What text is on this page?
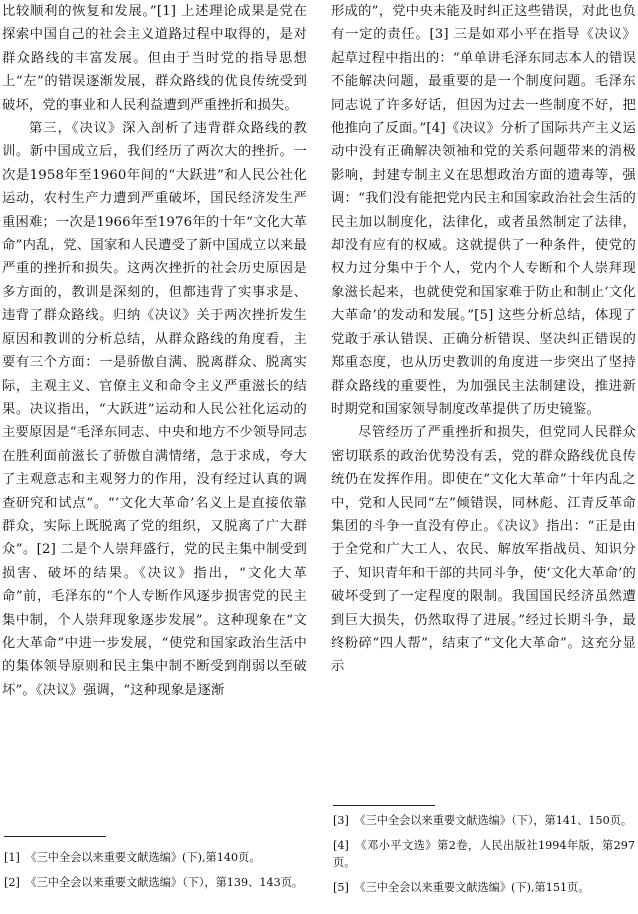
比较顺利的恢复和发展。”[1] 上述理论成果是党在探索中国自己的社会主义道路过程中取得的，是对群众路线的丰富发展。但由于当时党的指导思想上“左”的错误逐渐发展，群众路线的优良传统受到破坏，党的事业和人民利益遭到严重挫折和损失。

第三，《决议》深入剖析了违背群众路线的教训。新中国成立后，我们经历了两次大的挫折。一次是1958年至1960年间的“大跃进”和人民公社化运动，农村生产力遭到严重破坏，国民经济发生严重困难；一次是1966年至1976年的十年“文化大革命”内乱，党、国家和人民遭受了新中国成立以来最严重的挫折和损失。这两次挫折的社会历史原因是多方面的，教训是深刻的，但都违背了实事求是、违背了群众路线。归纳《决议》关于两次挫折发生原因和教训的分析总结，从群众路线的角度看，主要有三个方面：一是骄傲自满、脱离群众、脱离实际，主观主义、官僚主义和命令主义严重滋长的结果。决议指出，“大跃进”运动和人民公社化运动的主要原因是“毛泽东同志、中央和地方不少领导同志在胜利面前滋长了骄傲自满情绪，急于求成，夸大了主观意志和主观努力的作用，没有经过认真的调查研究和试点”。“‘文化大革命’名义上是直接依靠群众，实际上既脱离了党的组织，又脱离了广大群众”。[2] 二是个人崇拜盛行，党的民主集中制受到损害、破坏的结果。《决议》指出，“文化大革命”前，毛泽东的“个人专断作风逐步损害党的民主集中制，个人崇拜现象逐步发展”。这种现象在“文化大革命”中进一步发展，“使党和国家政治生活中的集体领导原则和民主集中制不断受到削弱以至破坏”。《决议》强调，“这种现象是逐渐

形成的”，党中央未能及时纠正这些错误，对此也负有一定的责任。[3] 三是如邓小平在指导《决议》起草过程中指出的：“单单讲毛泽东同志本人的错误不能解决问题，最重要的是一个制度问题。毛泽东同志说了许多好话，但因为过去一些制度不好，把他推向了反面。”[4]《决议》分析了国际共产主义运动中没有正确解决领袖和党的关系问题带来的消极影响，封建专制主义在思想政治方面的遗毒等，强调：“我们没有能把党内民主和国家政治社会生活的民主加以制度化，法律化，或者虽然制定了法律，却没有应有的权威。这就提供了一种条件，使党的权力过分集中于个人，党内个人专断和个人崇拜现象滋长起来，也就使党和国家难于防止和制止‘文化大革命’的发动和发展。”[5] 这些分析总结，体现了党敢于承认错误、正确分析错误、坚决纠正错误的郑重态度，也从历史教训的角度进一步突出了坚持群众路线的重要性，为加强民主法制建设，推进新时期党和国家领导制度改革提供了历史镜鉴。

尽管经历了严重挫折和损失，但党同人民群众密切联系的政治优势没有丢，党的群众路线优良传统仍在发挥作用。即使在“文化大革命”十年内乱之中，党和人民同“左”倾错误，同林彪、江青反革命集团的斗争一直没有停止。《决议》指出：“正是由于全党和广大工人、农民、解放军指战员、知识分子、知识青年和干部的共同斗争，使‘文化大革命’的破坏受到了一定程度的限制。我国国民经济虽然遭到巨大损失，仍然取得了进展。”经过长期斗争，最终粉碎“四人帮”，结束了“文化大革命”。这充分显示

[1]　《三中全会以来重要文献选编》(下),第140页。

[2]　《三中全会以来重要文献选编》（下），第139、143页。

[3]　《三中全会以来重要文献选编》（下），第141、150页。

[4]　《邓小平文选》第2卷，人民出版社1994年版，第297页。

[5]　《三中全会以来重要文献选编》(下),第151页。
